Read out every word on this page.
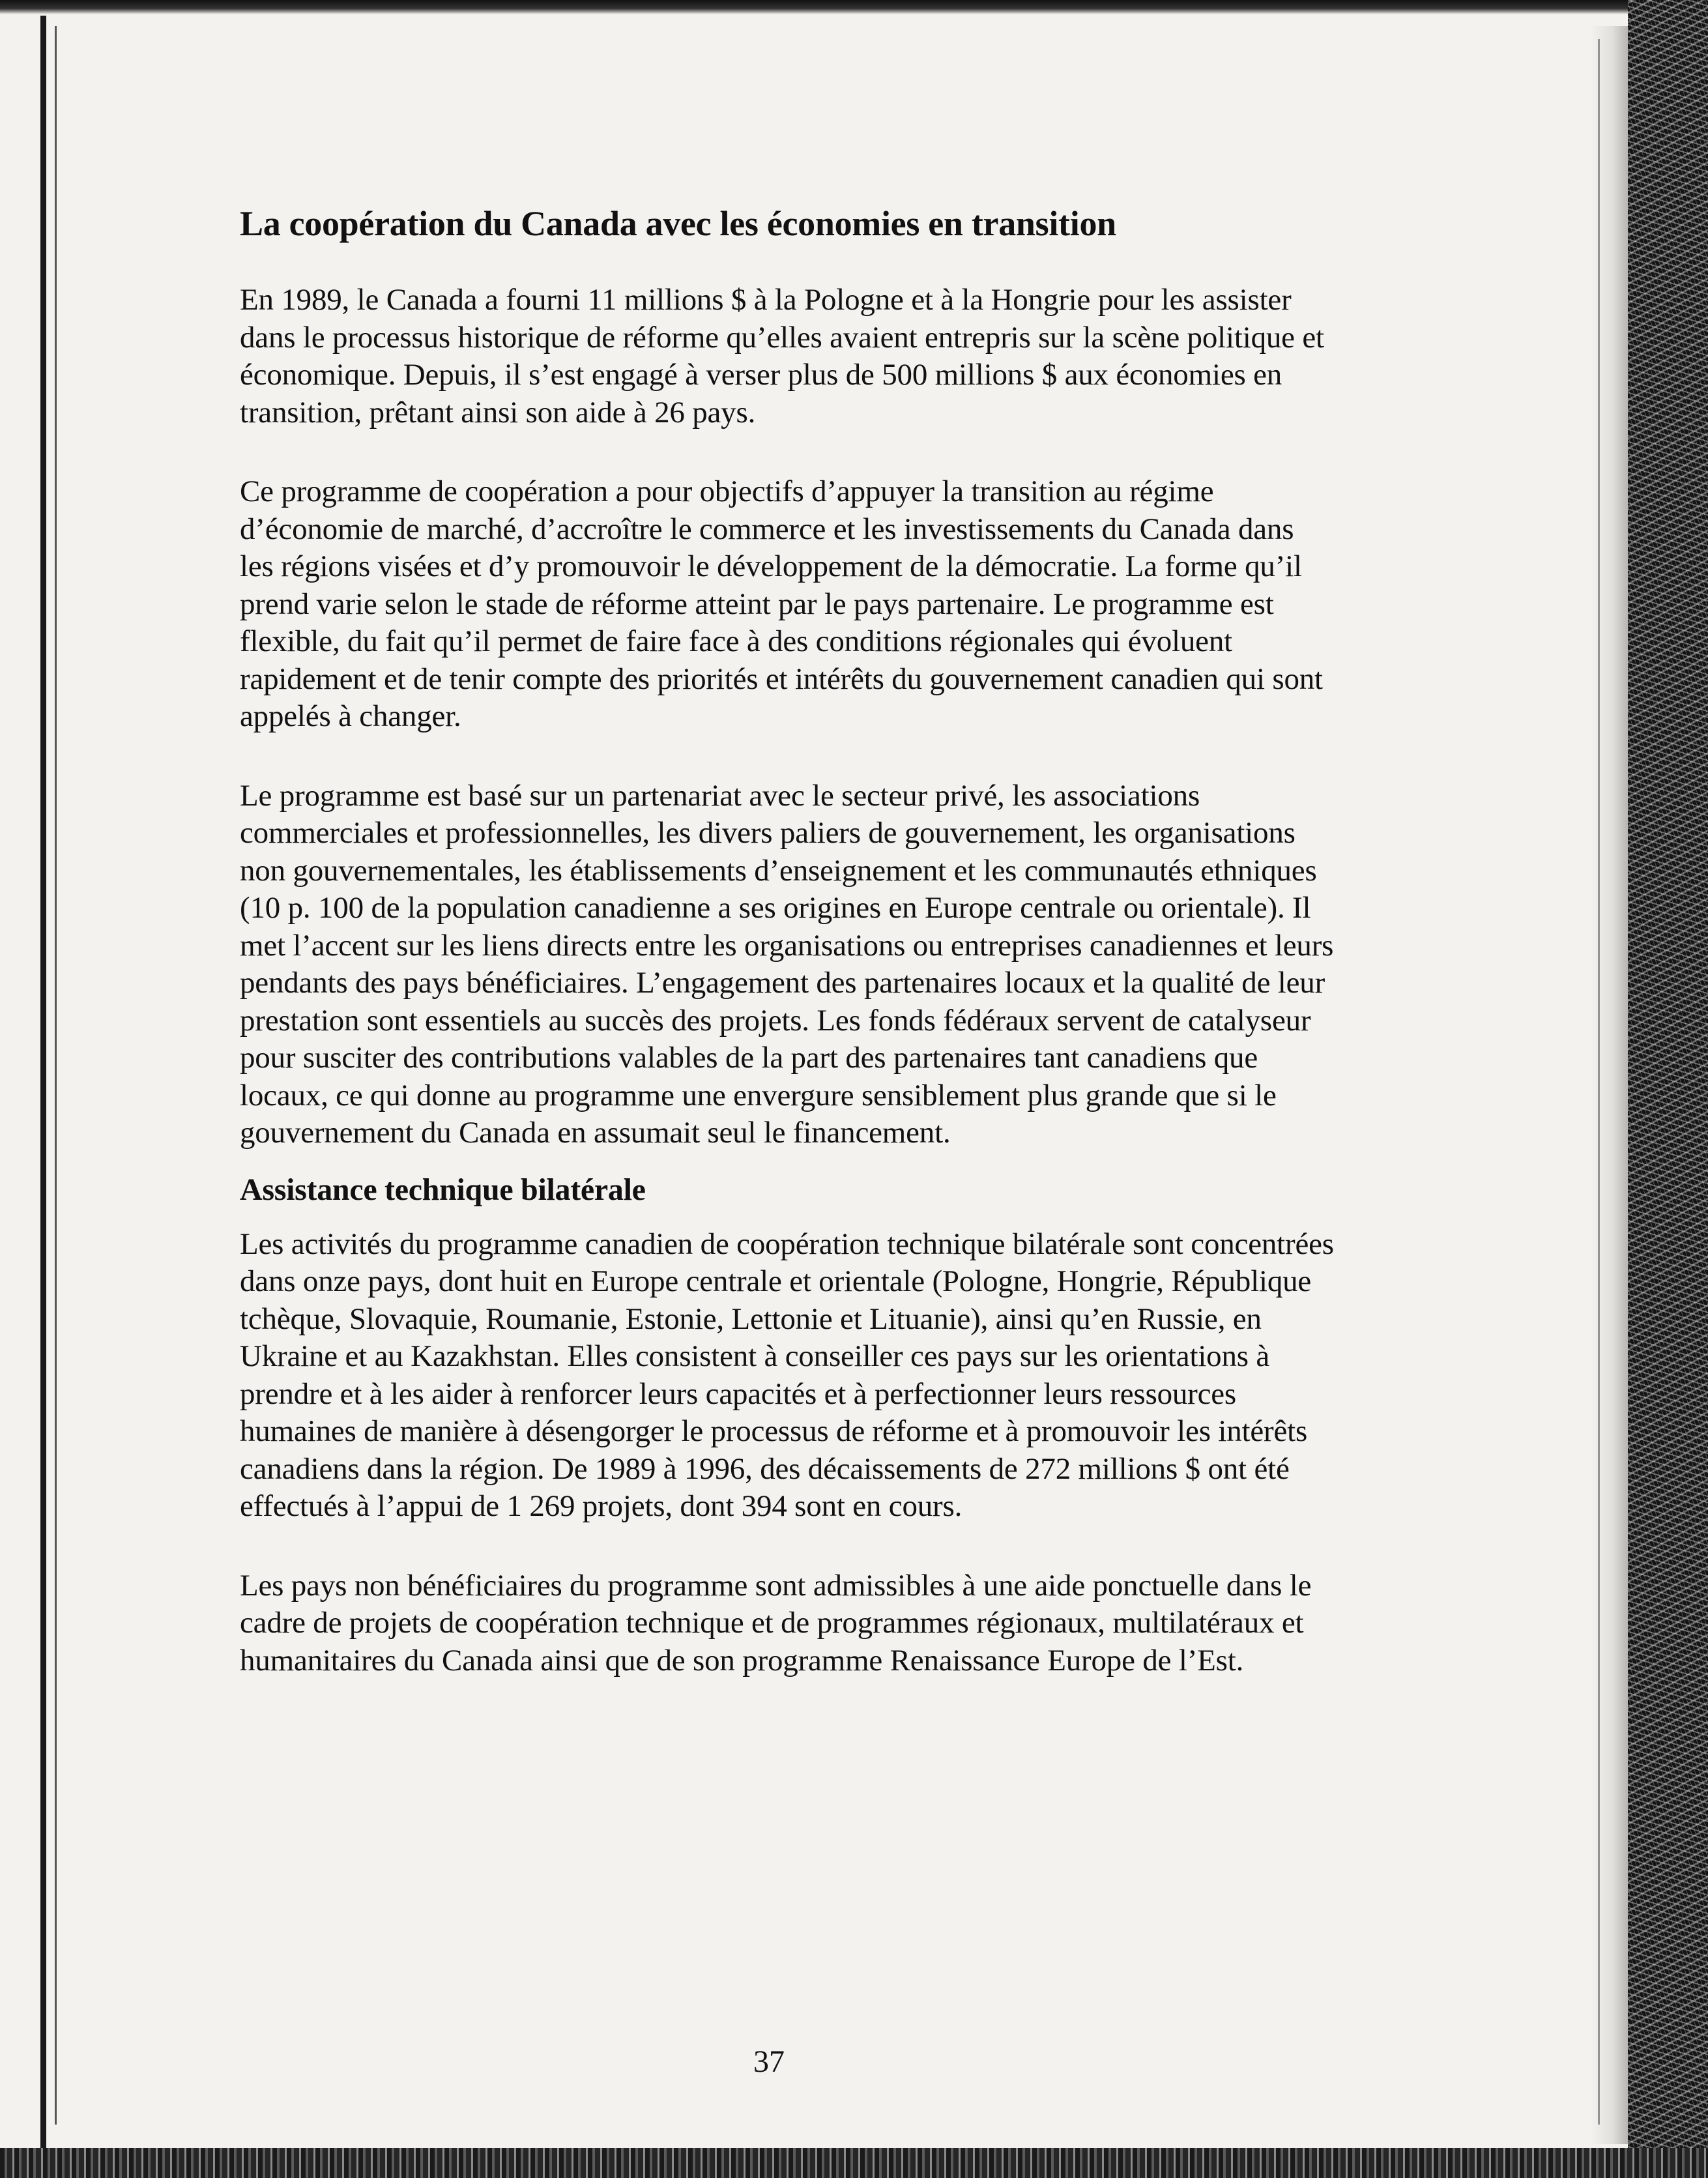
La coopération du Canada avec les économies en transition

En 1989, le Canada a fourni 11 millions $ à la Pologne et à la Hongrie pour les assister dans le processus historique de réforme qu’elles avaient entrepris sur la scène politique et économique. Depuis, il s’est engagé à verser plus de 500 millions $ aux économies en transition, prêtant ainsi son aide à 26 pays.

Ce programme de coopération a pour objectifs d’appuyer la transition au régime d’économie de marché, d’accroître le commerce et les investissements du Canada dans les régions visées et d’y promouvoir le développement de la démocratie. La forme qu’il prend varie selon le stade de réforme atteint par le pays partenaire. Le programme est flexible, du fait qu’il permet de faire face à des conditions régionales qui évoluent rapidement et de tenir compte des priorités et intérêts du gouvernement canadien qui sont appelés à changer.

Le programme est basé sur un partenariat avec le secteur privé, les associations commerciales et professionnelles, les divers paliers de gouvernement, les organisations non gouvernementales, les établissements d’enseignement et les communautés ethniques (10 p. 100 de la population canadienne a ses origines en Europe centrale ou orientale). Il met l’accent sur les liens directs entre les organisations ou entreprises canadiennes et leurs pendants des pays bénéficiaires. L’engagement des partenaires locaux et la qualité de leur prestation sont essentiels au succès des projets. Les fonds fédéraux servent de catalyseur pour susciter des contributions valables de la part des partenaires tant canadiens que locaux, ce qui donne au programme une envergure sensiblement plus grande que si le gouvernement du Canada en assumait seul le financement.

Assistance technique bilatérale

Les activités du programme canadien de coopération technique bilatérale sont concentrées dans onze pays, dont huit en Europe centrale et orientale (Pologne, Hongrie, République tchèque, Slovaquie, Roumanie, Estonie, Lettonie et Lituanie), ainsi qu’en Russie, en Ukraine et au Kazakhstan. Elles consistent à conseiller ces pays sur les orientations à prendre et à les aider à renforcer leurs capacités et à perfectionner leurs ressources humaines de manière à désengorger le processus de réforme et à promouvoir les intérêts canadiens dans la région. De 1989 à 1996, des décaissements de 272 millions $ ont été effectués à l’appui de 1 269 projets, dont 394 sont en cours.

Les pays non bénéficiaires du programme sont admissibles à une aide ponctuelle dans le cadre de projets de coopération technique et de programmes régionaux, multilatéraux et humanitaires du Canada ainsi que de son programme Renaissance Europe de l’Est.

37
